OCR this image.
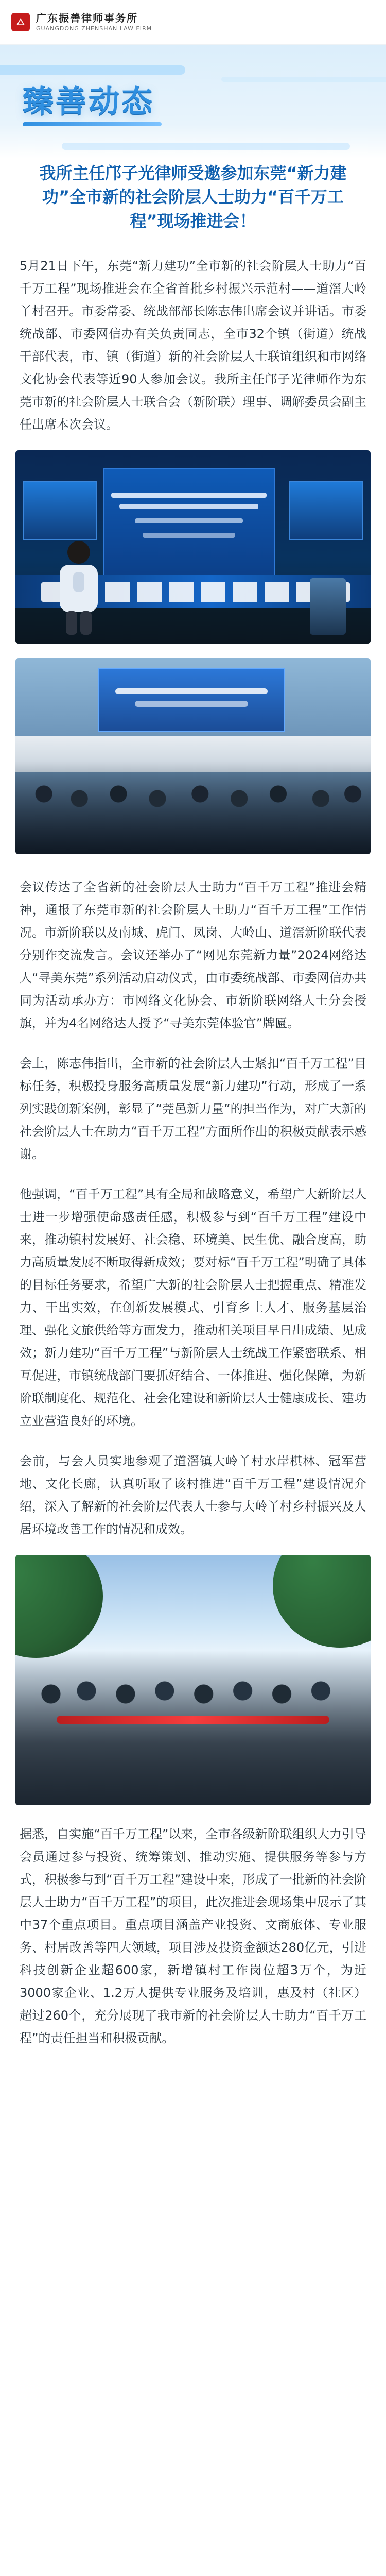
广东振善律师事务所
GUANGDONG ZHENSHAN LAW FIRM
臻善动态
我所主任邝子光律师受邀参加东莞“新力建功”全市新的社会阶层人士助力“百千万工程”现场推进会！
5月21日下午，东莞“新力建功”全市新的社会阶层人士助力“百千万工程”现场推进会在全省首批乡村振兴示范村——道滘大岭丫村召开。市委常委、统战部部长陈志伟出席会议并讲话。市委统战部、市委网信办有关负责同志，全市32个镇（街道）统战干部代表，市、镇（街道）新的社会阶层人士联谊组织和市网络文化协会代表等近90人参加会议。我所主任邝子光律师作为东莞市新的社会阶层人士联合会（新阶联）理事、调解委员会副主任出席本次会议。
会议传达了全省新的社会阶层人士助力“百千万工程”推进会精神，通报了东莞市新的社会阶层人士助力“百千万工程”工作情况。市新阶联以及南城、虎门、凤岗、大岭山、道滘新阶联代表分别作交流发言。会议还举办了“网见东莞新力量”2024网络达人“寻美东莞”系列活动启动仪式，由市委统战部、市委网信办共同为活动承办方：市网络文化协会、市新阶联网络人士分会授旗，并为4名网络达人授予“寻美东莞体验官”牌匾。
会上，陈志伟指出，全市新的社会阶层人士紧扣“百千万工程”目标任务，积极投身服务高质量发展“新力建功”行动，形成了一系列实践创新案例，彰显了“莞邑新力量”的担当作为，对广大新的社会阶层人士在助力“百千万工程”方面所作出的积极贡献表示感谢。
他强调，“百千万工程”具有全局和战略意义，希望广大新阶层人士进一步增强使命感责任感，积极参与到“百千万工程”建设中来，推动镇村发展好、社会稳、环境美、民生优、融合度高，助力高质量发展不断取得新成效；要对标“百千万工程”明确了具体的目标任务要求，希望广大新的社会阶层人士把握重点、精准发力、干出实效，在创新发展模式、引育乡土人才、服务基层治理、强化文旅供给等方面发力，推动相关项目早日出成绩、见成效；新力建功“百千万工程”与新阶层人士统战工作紧密联系、相互促进，市镇统战部门要抓好结合、一体推进、强化保障，为新阶联制度化、规范化、社会化建设和新阶层人士健康成长、建功立业营造良好的环境。
会前，与会人员实地参观了道滘镇大岭丫村水岸棋林、冠军营地、文化长廊，认真听取了该村推进“百千万工程”建设情况介绍，深入了解新的社会阶层代表人士参与大岭丫村乡村振兴及人居环境改善工作的情况和成效。
据悉，自实施“百千万工程”以来，全市各级新阶联组织大力引导会员通过参与投资、统筹策划、推动实施、提供服务等参与方式，积极参与到“百千万工程”建设中来，形成了一批新的社会阶层人士助力“百千万工程”的项目，此次推进会现场集中展示了其中37个重点项目。重点项目涵盖产业投资、文商旅体、专业服务、村居改善等四大领域，项目涉及投资金额达280亿元，引进科技创新企业超600家，新增镇村工作岗位超3万个，为近3000家企业、1.2万人提供专业服务及培训，惠及村（社区）超过260个，充分展现了我市新的社会阶层人士助力“百千万工程”的责任担当和积极贡献。
